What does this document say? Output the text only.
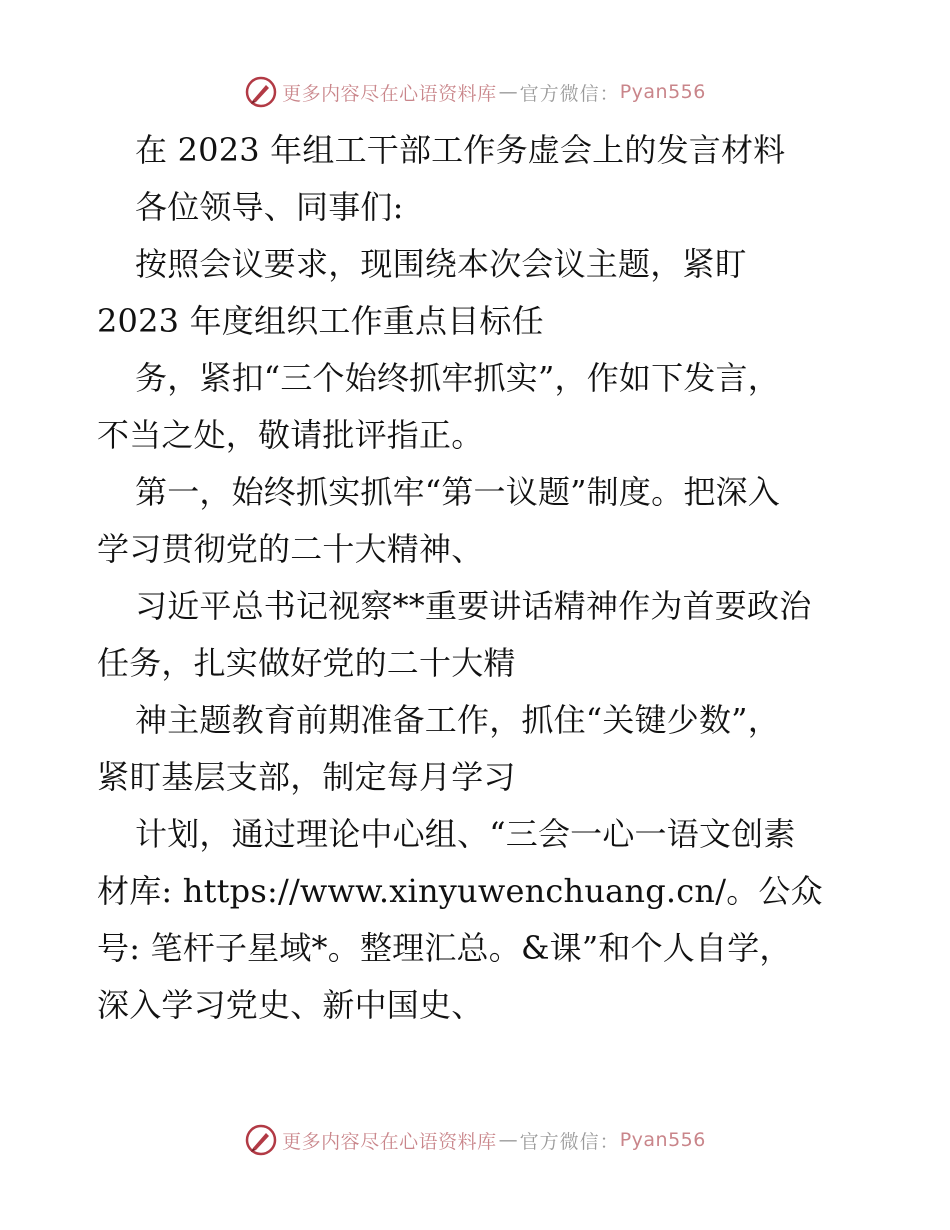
更多内容尽在心语资料库 — 官方微信： Pyan556
在 2023 年组工干部工作务虚会上的发言材料
各位领导、同事们:
按照会议要求，现围绕本次会议主题，紧盯
2023 年度组织工作重点目标任
务，紧扣“三个始终抓牢抓实”，作如下发言，
不当之处，敬请批评指正。
第一，始终抓实抓牢“第一议题”制度。把深入
学习贯彻党的二十大精神、
习近平总书记视察**重要讲话精神作为首要政治
任务，扎实做好党的二十大精
神主题教育前期准备工作，抓住“关键少数”，
紧盯基层支部，制定每月学习
计划，通过理论中心组、“三会一心一语文创素
材库: https://www.xinyuwenchuang.cn/。公众
号: 笔杆子星域*。整理汇总。&课”和个人自学，
深入学习党史、新中国史、
更多内容尽在心语资料库 — 官方微信： Pyan556
